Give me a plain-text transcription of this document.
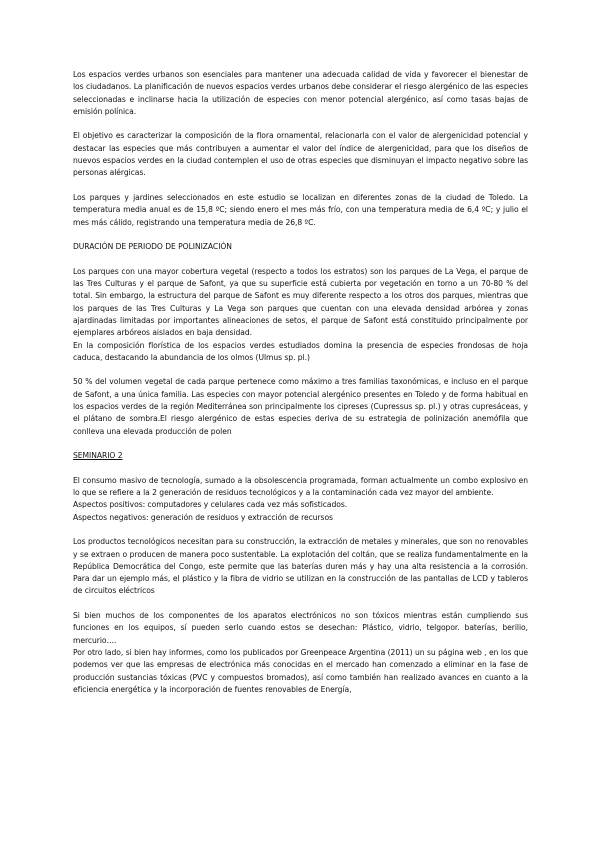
Los espacios verdes urbanos son esenciales para mantener una adecuada calidad de vida y favorecer el bienestar de los ciudadanos. La planificación de nuevos espacios verdes urbanos debe considerar el riesgo alergénico de las especies seleccionadas e inclinarse hacia la utilización de especies con menor potencial alergénico, así como tasas bajas de emisión polínica.

El objetivo es caracterizar la composición de la flora ornamental, relacionarla con el valor de alergenicidad potencial y destacar las especies que más contribuyen a aumentar el valor del índice de alergenicidad, para que los diseños de nuevos espacios verdes en la ciudad contemplen el uso de otras especies que disminuyan el impacto negativo sobre las personas alérgicas.

Los parques y jardines seleccionados en este estudio se localizan en diferentes zonas de la ciudad de Toledo. La temperatura media anual es de 15,8 ºC; siendo enero el mes más frío, con una temperatura media de 6,4 ºC; y julio el mes más cálido, registrando una temperatura media de 26,8 ºC.

DURACIÓN DE PERIODO DE POLINIZACIÓN

Los parques con una mayor cobertura vegetal (respecto a todos los estratos) son los parques de La Vega, el parque de las Tres Culturas y el parque de Safont, ya que su superficie está cubierta por vegetación en torno a un 70-80 % del total. Sin embargo, la estructura del parque de Safont es muy diferente respecto a los otros dos parques, mientras que los parques de las Tres Culturas y La Vega son parques que cuentan con una elevada densidad arbórea y zonas ajardinadas limitadas por importantes alineaciones de setos, el parque de Safont está constituido principalmente por ejemplares arbóreos aislados en baja densidad.

En la composición florística de los espacios verdes estudiados domina la presencia de especies frondosas de hoja caduca, destacando la abundancia de los olmos (Ulmus sp. pl.)

50 % del volumen vegetal de cada parque pertenece como máximo a tres familias taxonómicas, e incluso en el parque de Safont, a una única familia. Las especies con mayor potencial alergénico presentes en Toledo y de forma habitual en los espacios verdes de la región Mediterránea son principalmente los cipreses (Cupressus sp. pl.) y otras cupresáceas, y el plátano de sombra.El riesgo alergénico de estas especies deriva de su estrategia de polinización anemófila que conlleva una elevada producción de polen

SEMINARIO 2

El consumo masivo de tecnología, sumado a la obsolescencia programada, forman actualmente un combo explosivo en lo que se refiere a la 2 generación de residuos tecnológicos y a la contaminación cada vez mayor del ambiente.

Aspectos positivos: computadores y celulares cada vez más sofisticados.

Aspectos negativos: generación de residuos y extracción de recursos

Los productos tecnológicos necesitan para su construcción, la extracción de metales y minerales, que son no renovables y se extraen o producen de manera poco sustentable. La explotación del coltán, que se realiza fundamentalmente en la República Democrática del Congo, este permite que las baterías duren más y hay una alta resistencia a la corrosión. Para dar un ejemplo más, el plástico y la fibra de vidrio se utilizan en la construcción de las pantallas de LCD y tableros de circuitos eléctricos

Si bien muchos de los componentes de los aparatos electrónicos no son tóxicos mientras están cumpliendo sus funciones en los equipos, sí pueden serlo cuando estos se desechan: Plástico, vidrio, telgopor. baterías, berilio, mercurio….

Por otro lado, si bien hay informes, como los publicados por Greenpeace Argentina (2011) un su página web , en los que podemos ver que las empresas de electrónica más conocidas en el mercado han comenzado a eliminar en la fase de producción sustancias tóxicas (PVC y compuestos bromados), así como también han realizado avances en cuanto a la eficiencia energética y la incorporación de fuentes renovables de Energía,
